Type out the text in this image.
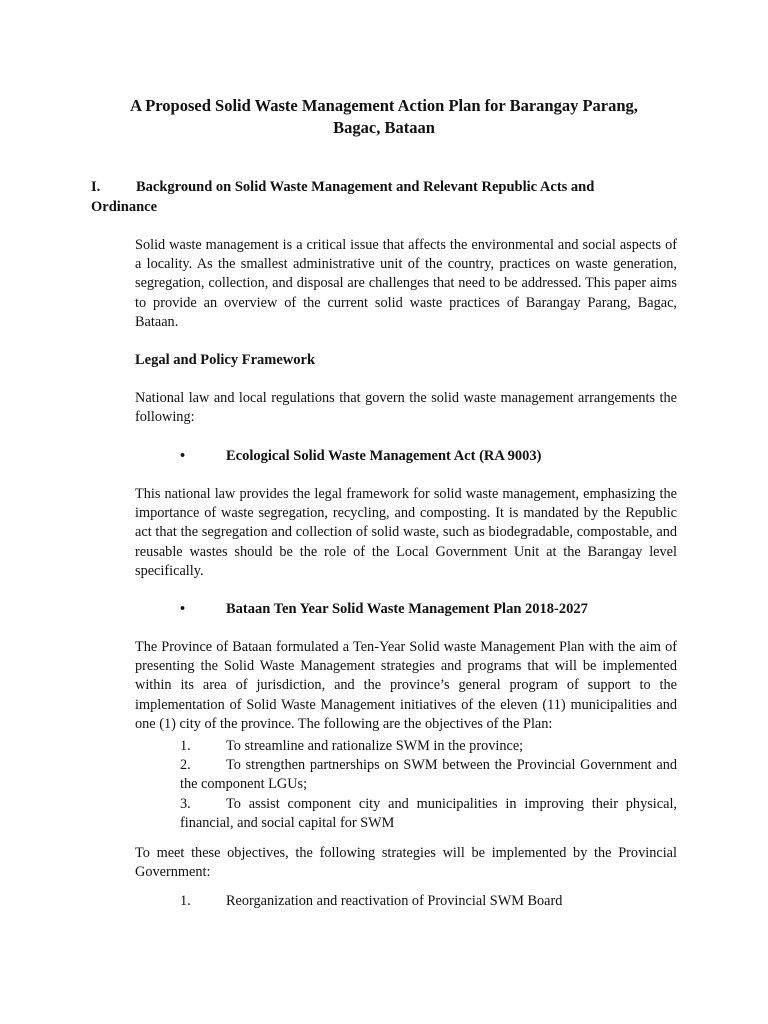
A Proposed Solid Waste Management Action Plan for Barangay Parang,
Bagac, Bataan
I. Background on Solid Waste Management and Relevant Republic Acts and
Ordinance
Solid waste management is a critical issue that affects the environmental and social aspects of a locality. As the smallest administrative unit of the country, practices on waste generation, segregation, collection, and disposal are challenges that need to be addressed. This paper aims to provide an overview of the current solid waste practices of Barangay Parang, Bagac, Bataan.
Legal and Policy Framework
National law and local regulations that govern the solid waste management arrangements the following:
•	Ecological Solid Waste Management Act (RA 9003)
This national law provides the legal framework for solid waste management, emphasizing the importance of waste segregation, recycling, and composting. It is mandated by the Republic act that the segregation and collection of solid waste, such as biodegradable, compostable, and reusable wastes should be the role of the Local Government Unit at the Barangay level specifically.
•	Bataan Ten Year Solid Waste Management Plan 2018-2027
The Province of Bataan formulated a Ten-Year Solid waste Management Plan with the aim of presenting the Solid Waste Management strategies and programs that will be implemented within its area of jurisdiction, and the province’s general program of support to the implementation of Solid Waste Management initiatives of the eleven (11) municipalities and one (1) city of the province. The following are the objectives of the Plan:
1. To streamline and rationalize SWM in the province;
2. To strengthen partnerships on SWM between the Provincial Government and the component LGUs;
3. To assist component city and municipalities in improving their physical, financial, and social capital for SWM
To meet these objectives, the following strategies will be implemented by the Provincial Government:
1. Reorganization and reactivation of Provincial SWM Board
